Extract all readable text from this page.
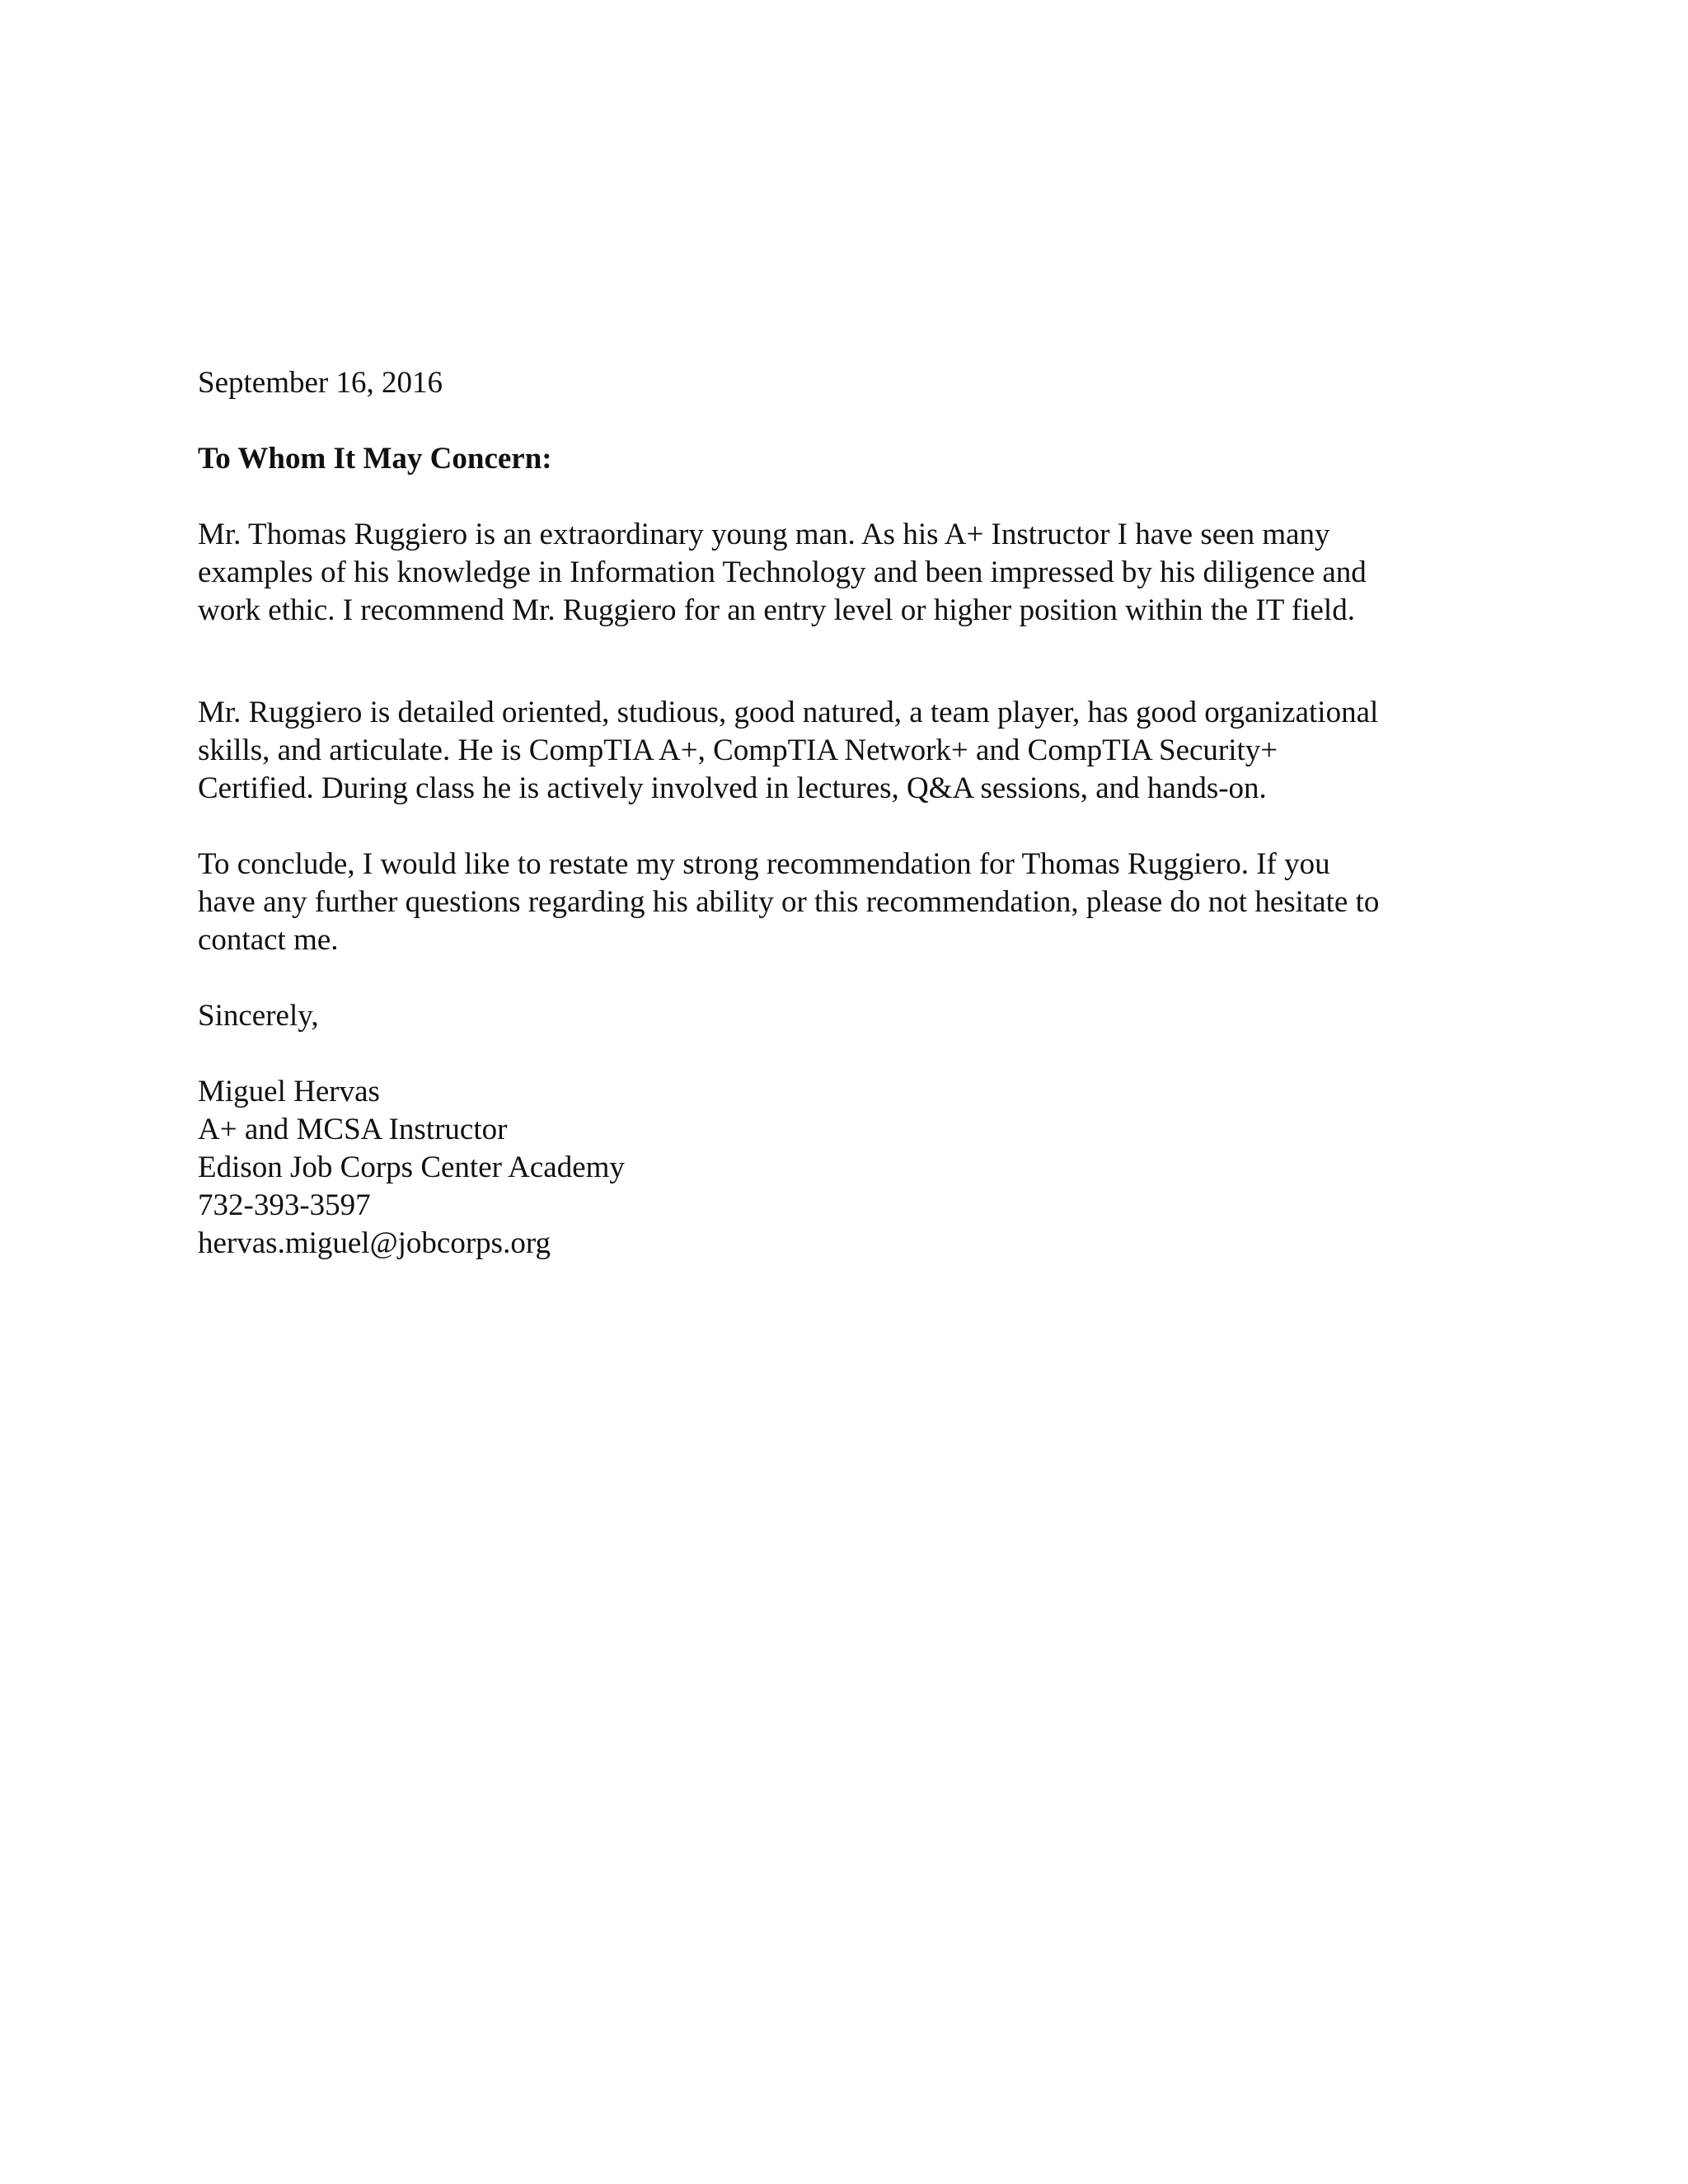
September 16, 2016
To Whom It May Concern:
Mr. Thomas Ruggiero is an extraordinary young man. As his A+ Instructor I have seen many
examples of his knowledge in Information Technology and been impressed by his diligence and
work ethic. I recommend Mr. Ruggiero for an entry level or higher position within the IT field.
Mr. Ruggiero is detailed oriented, studious, good natured, a team player, has good organizational
skills, and articulate. He is CompTIA A+, CompTIA Network+ and CompTIA Security+
Certified. During class he is actively involved in lectures, Q&A sessions, and hands-on.
To conclude, I would like to restate my strong recommendation for Thomas Ruggiero. If you
have any further questions regarding his ability or this recommendation, please do not hesitate to
contact me.
Sincerely,
Miguel Hervas
A+ and MCSA Instructor
Edison Job Corps Center Academy
732-393-3597
hervas.miguel@jobcorps.org
